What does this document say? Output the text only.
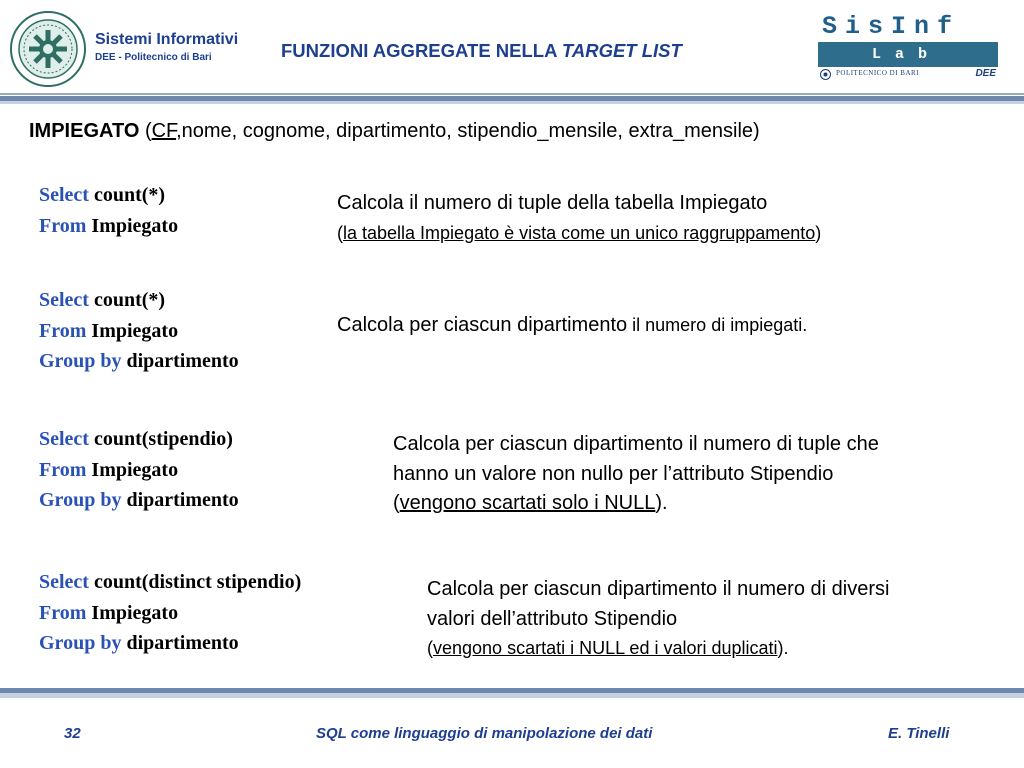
Sistemi Informativi
DEE - Politecnico di Bari	FUNZIONI AGGREGATE NELLA TARGET LIST
SisInf
Lab
POLITECNICO DI BARI	DEE
IMPIEGATO (CF,nome, cognome, dipartimento, stipendio_mensile, extra_mensile)
Select count(*)
From Impiegato
Calcola il numero di tuple della tabella Impiegato
(la tabella Impiegato è vista come un unico raggruppamento)
Select count(*)
From Impiegato
Group by dipartimento
Calcola per ciascun dipartimento il numero di impiegati.
Select count(stipendio)
From Impiegato
Group by dipartimento
Calcola per ciascun dipartimento il numero di tuple che
hanno un valore non nullo per l’attributo Stipendio
(vengono scartati solo i NULL).
Select count(distinct stipendio)
From Impiegato
Group by dipartimento
Calcola per ciascun dipartimento il numero di diversi
valori dell’attributo Stipendio
(vengono scartati i NULL ed i valori duplicati).
32	SQL come linguaggio di manipolazione dei dati	E. Tinelli
